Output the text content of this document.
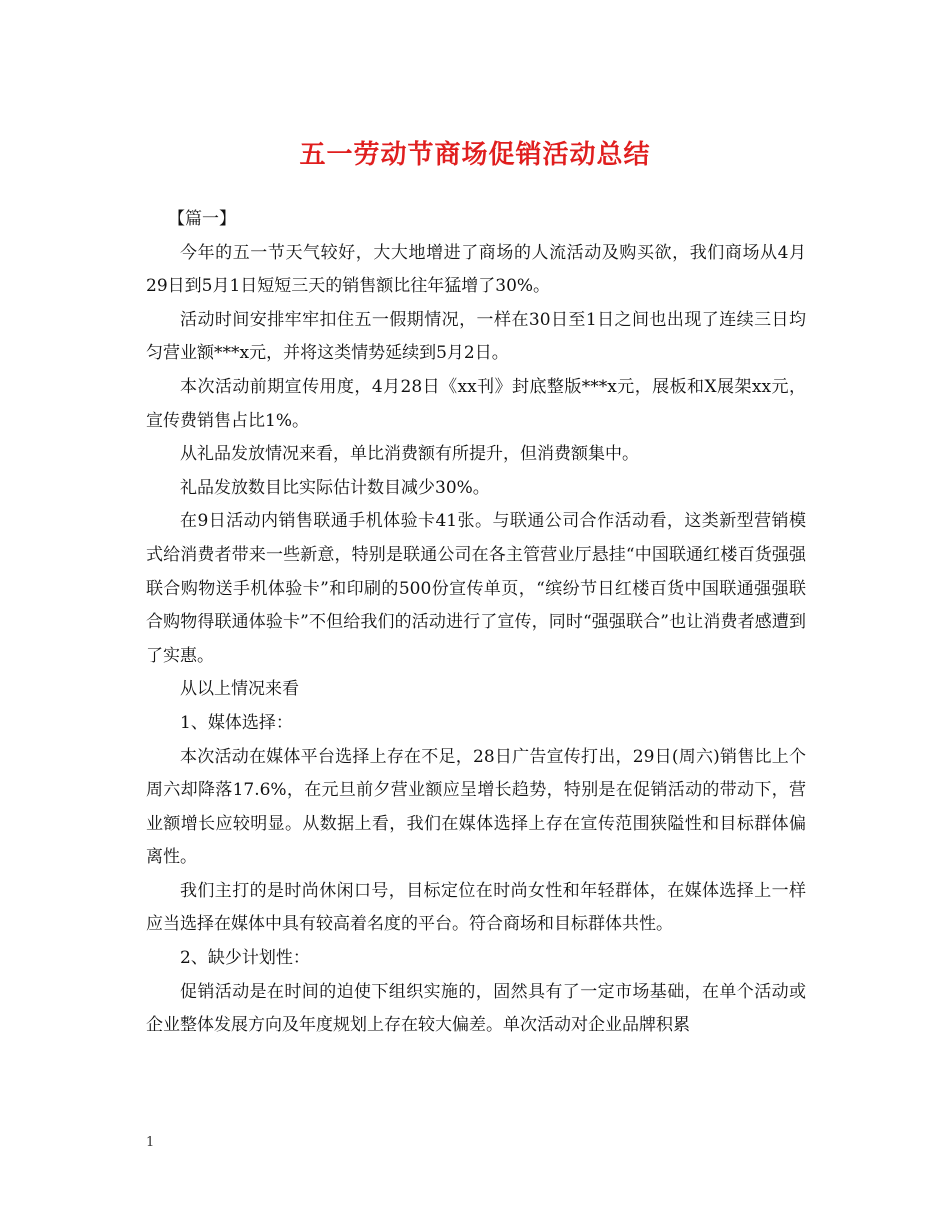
五一劳动节商场促销活动总结

【篇一】

今年的五一节天气较好，大大地增进了商场的人流活动及购买欲，我们商场从4月29日到5月1日短短三天的销售额比往年猛增了30%。

活动时间安排牢牢扣住五一假期情况，一样在30日至1日之间也出现了连续三日均匀营业额***x元，并将这类情势延续到5月2日。

本次活动前期宣传用度，4月28日《xx刊》封底整版***x元，展板和X展架xx元，宣传费销售占比1%。

从礼品发放情况来看，单比消费额有所提升，但消费额集中。

礼品发放数目比实际估计数目减少30%。

在9日活动内销售联通手机体验卡41张。与联通公司合作活动看，这类新型营销模式给消费者带来一些新意，特别是联通公司在各主管营业厅悬挂“中国联通红楼百货强强联合购物送手机体验卡”和印刷的500份宣传单页，“缤纷节日红楼百货中国联通强强联合购物得联通体验卡”不但给我们的活动进行了宣传，同时“强强联合”也让消费者感遭到了实惠。

从以上情况来看

1、媒体选择：

本次活动在媒体平台选择上存在不足，28日广告宣传打出，29日(周六)销售比上个周六却降落17.6%，在元旦前夕营业额应呈增长趋势，特别是在促销活动的带动下，营业额增长应较明显。从数据上看，我们在媒体选择上存在宣传范围狭隘性和目标群体偏离性。

我们主打的是时尚休闲口号，目标定位在时尚女性和年轻群体，在媒体选择上一样应当选择在媒体中具有较高着名度的平台。符合商场和目标群体共性。

2、缺少计划性：

促销活动是在时间的迫使下组织实施的，固然具有了一定市场基础，在单个活动或企业整体发展方向及年度规划上存在较大偏差。单次活动对企业品牌积累

1
